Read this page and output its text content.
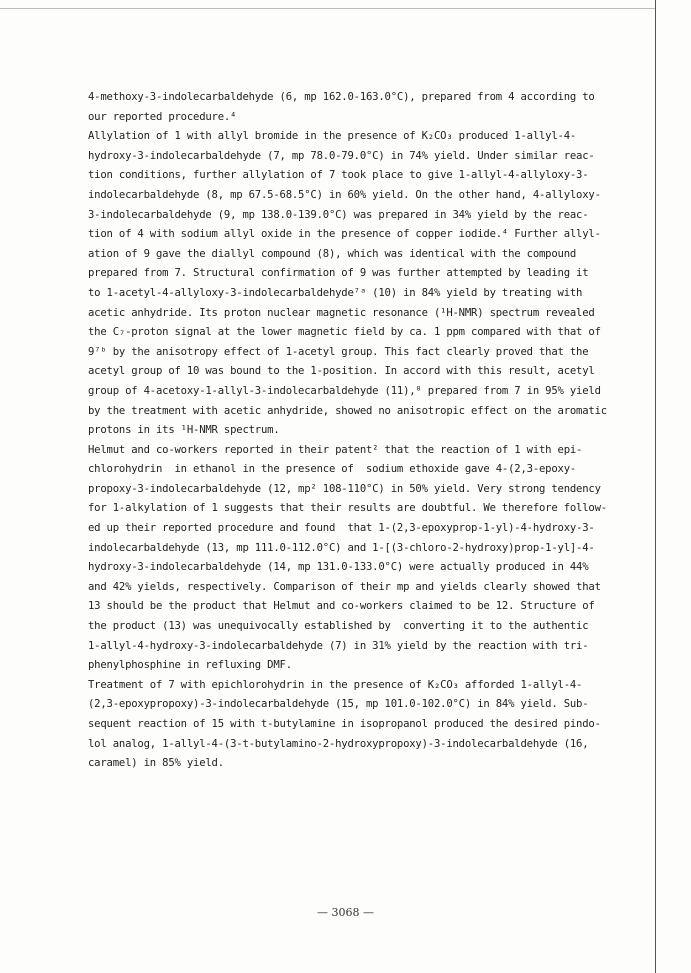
4-methoxy-3-indolecarbaldehyde (6, mp 162.0-163.0°C), prepared from 4 according to
our reported procedure.⁴
Allylation of 1 with allyl bromide in the presence of K₂CO₃ produced 1-allyl-4-
hydroxy-3-indolecarbaldehyde (7, mp 78.0-79.0°C) in 74% yield. Under similar reac-
tion conditions, further allylation of 7 took place to give 1-allyl-4-allyloxy-3-
indolecarbaldehyde (8, mp 67.5-68.5°C) in 60% yield. On the other hand, 4-allyloxy-
3-indolecarbaldehyde (9, mp 138.0-139.0°C) was prepared in 34% yield by the reac-
tion of 4 with sodium allyl oxide in the presence of copper iodide.⁴ Further allyl-
ation of 9 gave the diallyl compound (8), which was identical with the compound
prepared from 7. Structural confirmation of 9 was further attempted by leading it
to 1-acetyl-4-allyloxy-3-indolecarbaldehyde⁷ᵃ (10) in 84% yield by treating with
acetic anhydride. Its proton nuclear magnetic resonance (¹H-NMR) spectrum revealed
the C₇-proton signal at the lower magnetic field by ca. 1 ppm compared with that of
9⁷ᵇ by the anisotropy effect of 1-acetyl group. This fact clearly proved that the
acetyl group of 10 was bound to the 1-position. In accord with this result, acetyl
group of 4-acetoxy-1-allyl-3-indolecarbaldehyde (11),⁸ prepared from 7 in 95% yield
by the treatment with acetic anhydride, showed no anisotropic effect on the aromatic
protons in its ¹H-NMR spectrum.
Helmut and co-workers reported in their patent² that the reaction of 1 with epi-
chlorohydrin  in ethanol in the presence of  sodium ethoxide gave 4-(2,3-epoxy-
propoxy-3-indolecarbaldehyde (12, mp² 108-110°C) in 50% yield. Very strong tendency
for 1-alkylation of 1 suggests that their results are doubtful. We therefore follow-
ed up their reported procedure and found  that 1-(2,3-epoxyprop-1-yl)-4-hydroxy-3-
indolecarbaldehyde (13, mp 111.0-112.0°C) and 1-[(3-chloro-2-hydroxy)prop-1-yl]-4-
hydroxy-3-indolecarbaldehyde (14, mp 131.0-133.0°C) were actually produced in 44%
and 42% yields, respectively. Comparison of their mp and yields clearly showed that
13 should be the product that Helmut and co-workers claimed to be 12. Structure of
the product (13) was unequivocally established by  converting it to the authentic
1-allyl-4-hydroxy-3-indolecarbaldehyde (7) in 31% yield by the reaction with tri-
phenylphosphine in refluxing DMF.
Treatment of 7 with epichlorohydrin in the presence of K₂CO₃ afforded 1-allyl-4-
(2,3-epoxypropoxy)-3-indolecarbaldehyde (15, mp 101.0-102.0°C) in 84% yield. Sub-
sequent reaction of 15 with t-butylamine in isopropanol produced the desired pindo-
lol analog, 1-allyl-4-(3-t-butylamino-2-hydroxypropoxy)-3-indolecarbaldehyde (16,
caramel) in 85% yield.
— 3068 —
